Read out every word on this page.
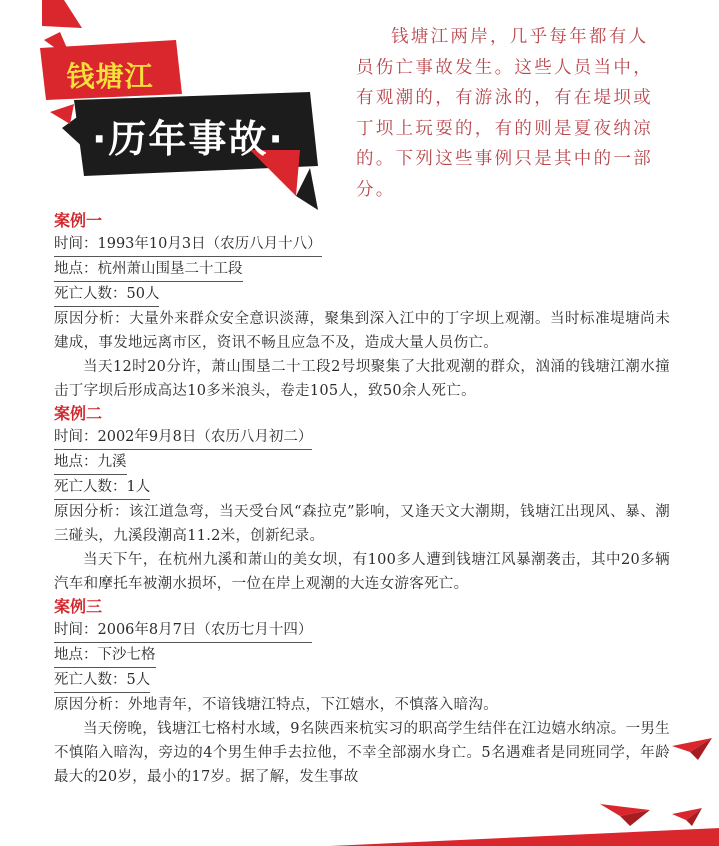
钱塘江
·历年事故·

钱塘江两岸，几乎每年都有人员伤亡事故发生。这些人员当中，有观潮的，有游泳的，有在堤坝或丁坝上玩耍的，有的则是夏夜纳凉的。下列这些事例只是其中的一部分。

案例一
时间：1993年10月3日（农历八月十八）
地点：杭州萧山围垦二十工段
死亡人数：50人

原因分析：大量外来群众安全意识淡薄，聚集到深入江中的丁字坝上观潮。当时标准堤塘尚未建成，事发地远离市区，资讯不畅且应急不及，造成大量人员伤亡。

当天12时20分许，萧山围垦二十工段2号坝聚集了大批观潮的群众，汹涌的钱塘江潮水撞击丁字坝后形成高达10多米浪头，卷走105人，致50余人死亡。

案例二
时间：2002年9月8日（农历八月初二）
地点：九溪
死亡人数：1人

原因分析：该江道急弯，当天受台风“森拉克”影响，又逢天文大潮期，钱塘江出现风、暴、潮三碰头，九溪段潮高11.2米，创新纪录。

当天下午，在杭州九溪和萧山的美女坝，有100多人遭到钱塘江风暴潮袭击，其中20多辆汽车和摩托车被潮水损坏，一位在岸上观潮的大连女游客死亡。

案例三
时间：2006年8月7日（农历七月十四）
地点：下沙七格
死亡人数：5人

原因分析：外地青年，不谙钱塘江特点，下江嬉水，不慎落入暗沟。

当天傍晚，钱塘江七格村水域，9名陕西来杭实习的职高学生结伴在江边嬉水纳凉。一男生不慎陷入暗沟，旁边的4个男生伸手去拉他，不幸全部溺水身亡。5名遇难者是同班同学，年龄最大的20岁，最小的17岁。据了解，发生事故
